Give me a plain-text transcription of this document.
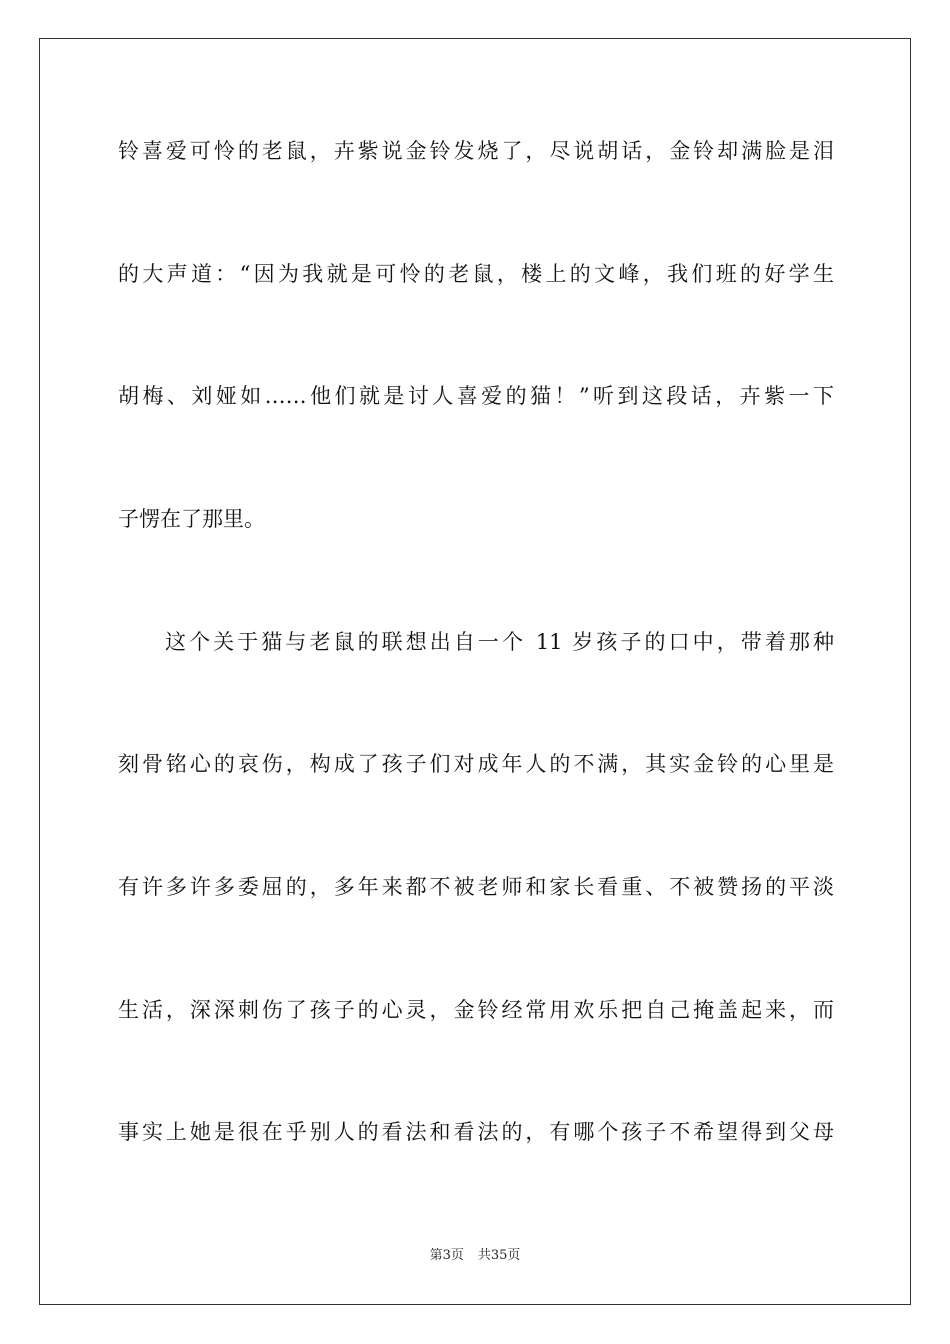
铃喜爱可怜的老鼠，卉紫说金铃发烧了，尽说胡话，金铃却满脸是泪
的大声道：“因为我就是可怜的老鼠，楼上的文峰，我们班的好学生
胡梅、刘娅如……他们就是讨人喜爱的猫！”听到这段话，卉紫一下
子愣在了那里。
这个关于猫与老鼠的联想出自一个 11 岁孩子的口中，带着那种
刻骨铭心的哀伤，构成了孩子们对成年人的不满，其实金铃的心里是
有许多许多委屈的，多年来都不被老师和家长看重、不被赞扬的平淡
生活，深深刺伤了孩子的心灵，金铃经常用欢乐把自己掩盖起来，而
事实上她是很在乎别人的看法和看法的，有哪个孩子不希望得到父母
第3页 共35页
